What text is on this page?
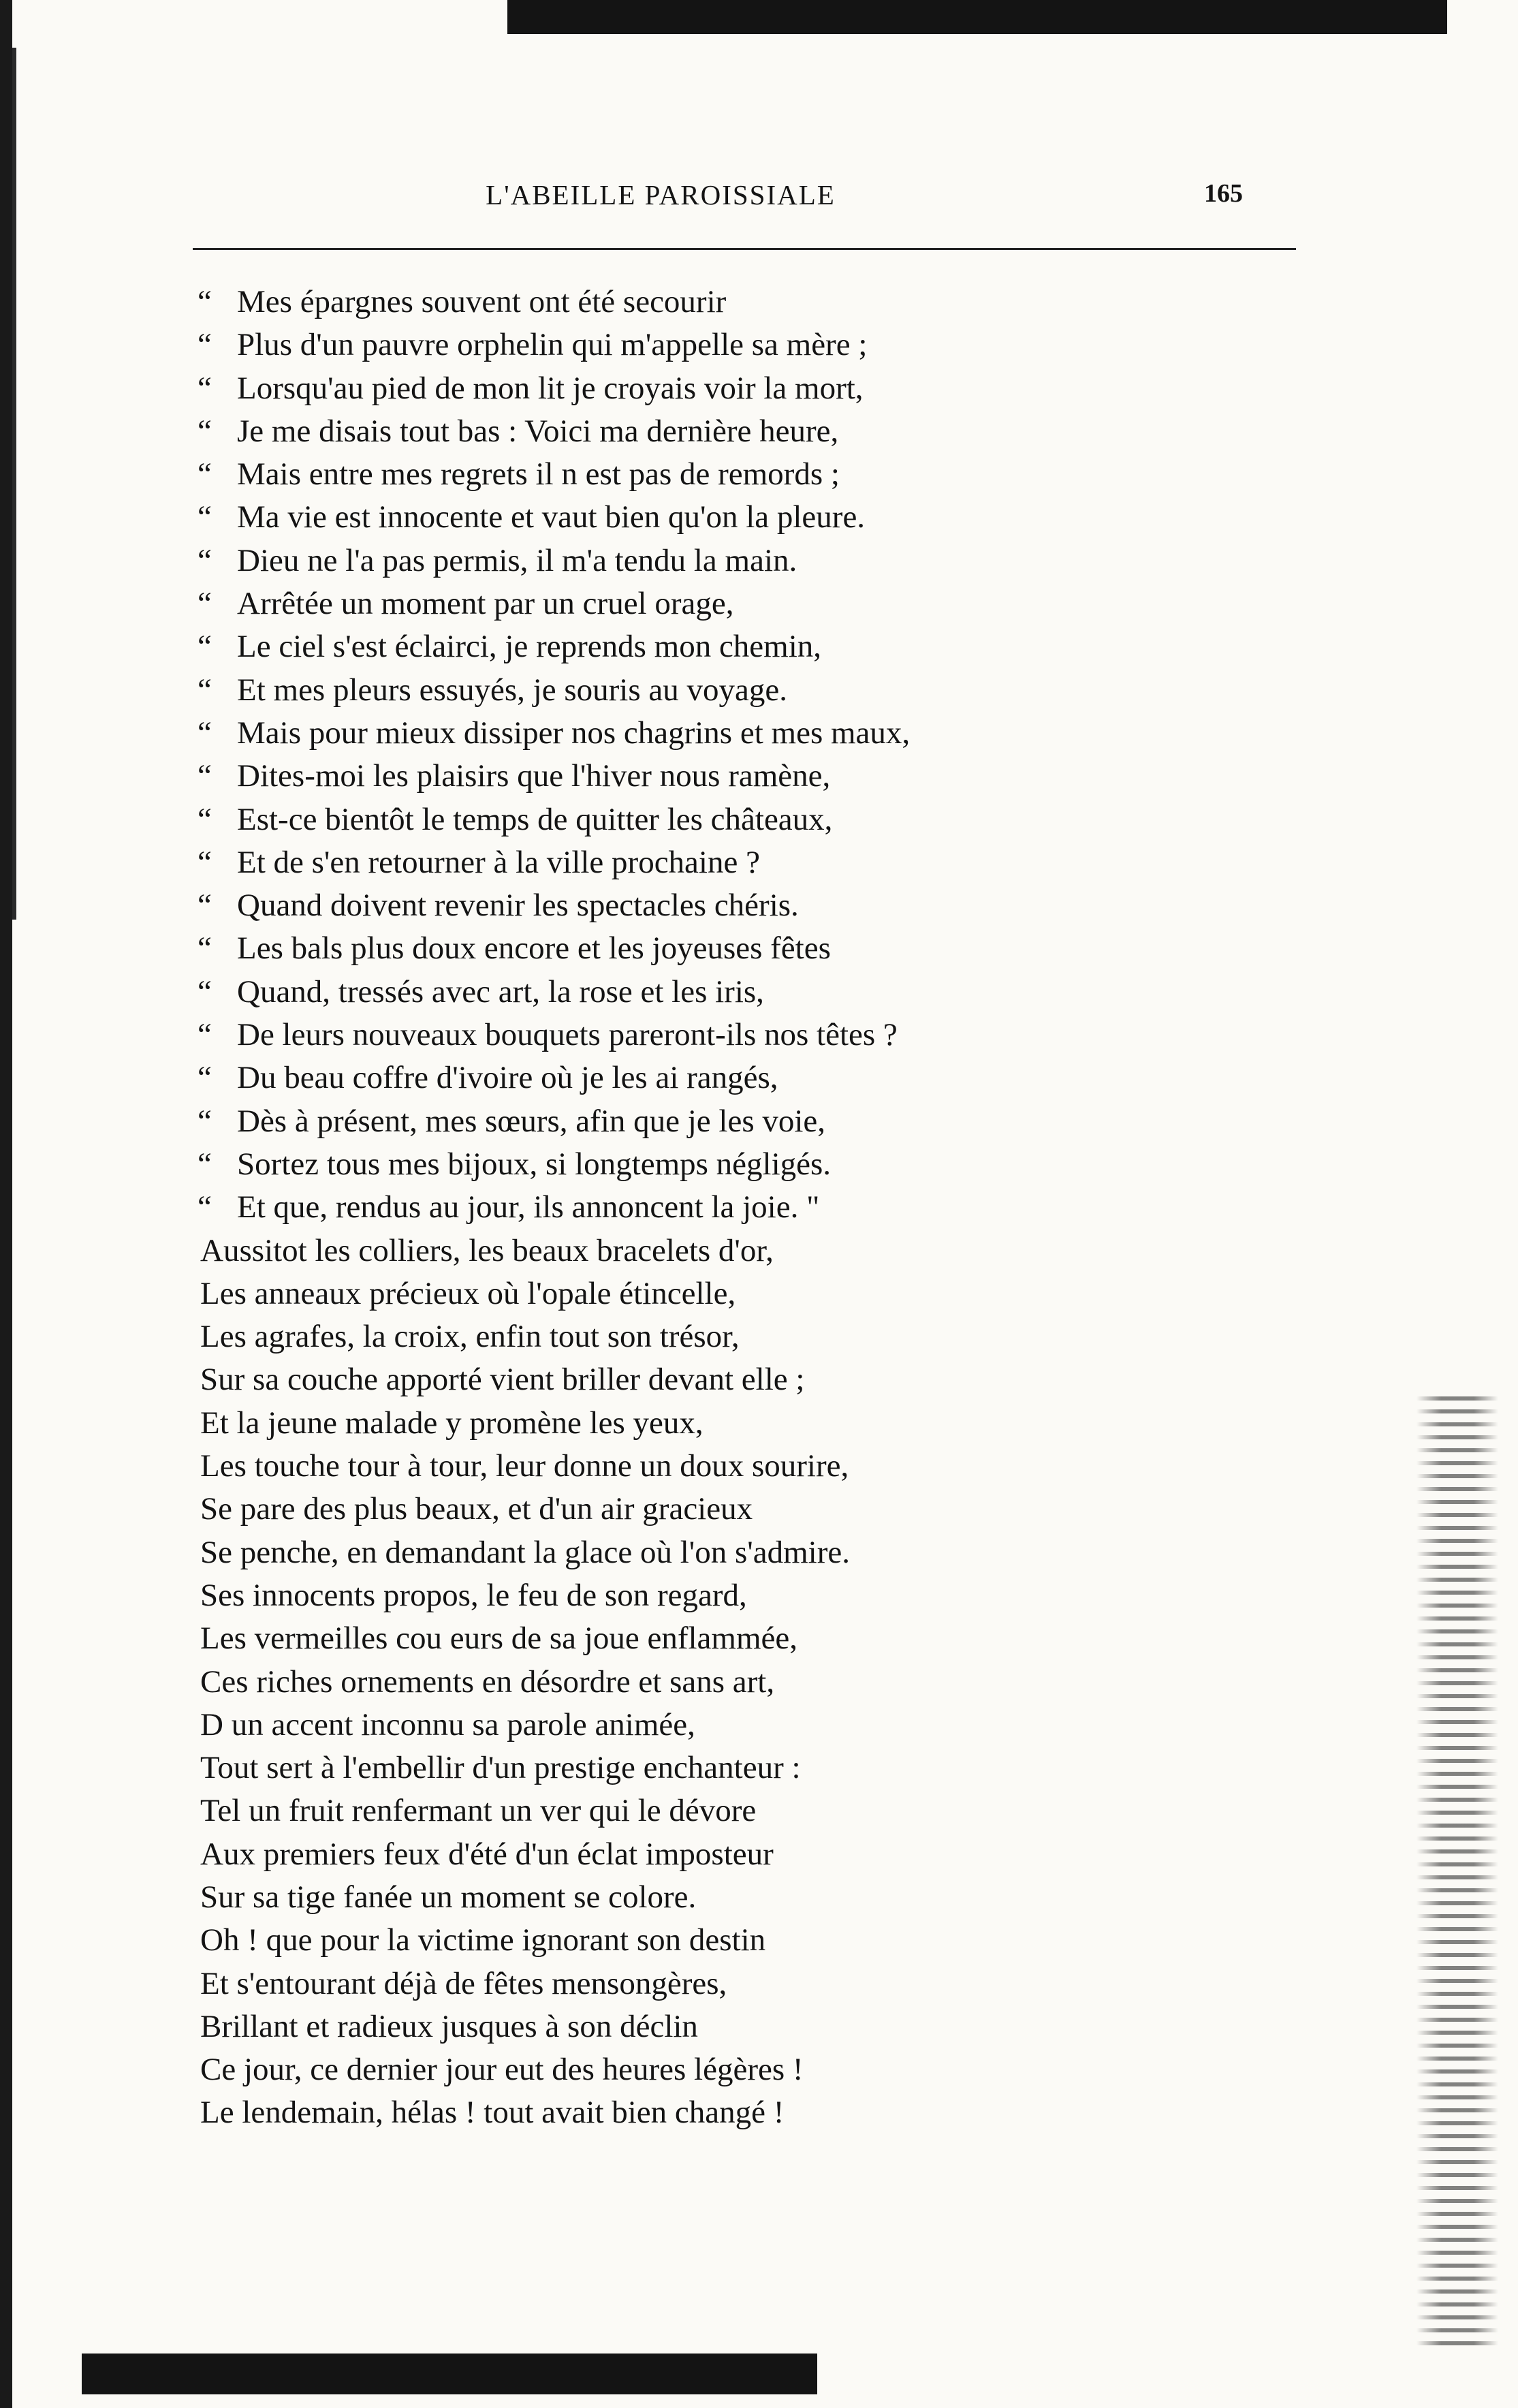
L'ABEILLE PAROISSIALE	165
“ Mes épargnes souvent ont été secourir
“ Plus d'un pauvre orphelin qui m'appelle sa mère ;
“ Lorsqu'au pied de mon lit je croyais voir la mort,
“ Je me disais tout bas : Voici ma dernière heure,
“ Mais entre mes regrets il n est pas de remords ;
“ Ma vie est innocente et vaut bien qu'on la pleure.
“ Dieu ne l'a pas permis, il m'a tendu la main.
“ Arrêtée un moment par un cruel orage,
“ Le ciel s'est éclairci, je reprends mon chemin,
“ Et mes pleurs essuyés, je souris au voyage.
“ Mais pour mieux dissiper nos chagrins et mes maux,
“ Dites-moi les plaisirs que l'hiver nous ramène,
“ Est-ce bientôt le temps de quitter les châteaux,
“ Et de s'en retourner à la ville prochaine ?
“ Quand doivent revenir les spectacles chéris.
“ Les bals plus doux encore et les joyeuses fêtes
“ Quand, tressés avec art, la rose et les iris,
“ De leurs nouveaux bouquets pareront-ils nos têtes ?
“ Du beau coffre d'ivoire où je les ai rangés,
“ Dès à présent, mes sœurs, afin que je les voie,
“ Sortez tous mes bijoux, si longtemps négligés.
“ Et que, rendus au jour, ils annoncent la joie. "
Aussitot les colliers, les beaux bracelets d'or,
Les anneaux précieux où l'opale étincelle,
Les agrafes, la croix, enfin tout son trésor,
Sur sa couche apporté vient briller devant elle ;
Et la jeune malade y promène les yeux,
Les touche tour à tour, leur donne un doux sourire,
Se pare des plus beaux, et d'un air gracieux
Se penche, en demandant la glace où l'on s'admire.
Ses innocents propos, le feu de son regard,
Les vermeilles cou eurs de sa joue enflammée,
Ces riches ornements en désordre et sans art,
D un accent inconnu sa parole animée,
Tout sert à l'embellir d'un prestige enchanteur :
Tel un fruit renfermant un ver qui le dévore
Aux premiers feux d'été d'un éclat imposteur
Sur sa tige fanée un moment se colore.
Oh ! que pour la victime ignorant son destin
Et s'entourant déjà de fêtes mensongères,
Brillant et radieux jusques à son déclin
Ce jour, ce dernier jour eut des heures légères !
Le lendemain, hélas ! tout avait bien changé !
